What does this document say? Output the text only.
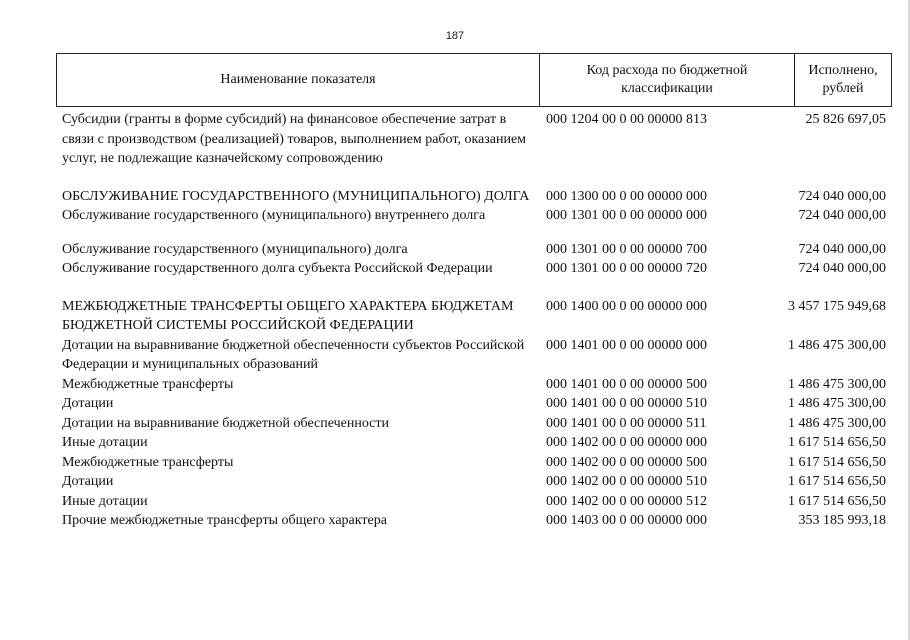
187
Наименование показателя
Код расхода по бюджетной классификации
Исполнено, рублей
Субсидии (гранты в форме субсидий) на финансовое обеспечение затрат в связи с производством (реализацией) товаров, выполнением работ, оказанием услуг, не подлежащие казначейскому сопровождению
000 1204 00 0 00 00000 813	25 826 697,05
ОБСЛУЖИВАНИЕ ГОСУДАРСТВЕННОГО (МУНИЦИПАЛЬНОГО) ДОЛГА	000 1300 00 0 00 00000 000	724 040 000,00
Обслуживание государственного (муниципального) внутреннего долга	000 1301 00 0 00 00000 000	724 040 000,00
Обслуживание государственного (муниципального) долга	000 1301 00 0 00 00000 700	724 040 000,00
Обслуживание государственного долга субъекта Российской Федерации	000 1301 00 0 00 00000 720	724 040 000,00
МЕЖБЮДЖЕТНЫЕ ТРАНСФЕРТЫ ОБЩЕГО ХАРАКТЕРА БЮДЖЕТАМ БЮДЖЕТНОЙ СИСТЕМЫ РОССИЙСКОЙ ФЕДЕРАЦИИ
000 1400 00 0 00 00000 000	3 457 175 949,68
Дотации на выравнивание бюджетной обеспеченности субъектов Российской Федерации и муниципальных образований
000 1401 00 0 00 00000 000	1 486 475 300,00
Межбюджетные трансферты	000 1401 00 0 00 00000 500	1 486 475 300,00
Дотации	000 1401 00 0 00 00000 510	1 486 475 300,00
Дотации на выравнивание бюджетной обеспеченности	000 1401 00 0 00 00000 511	1 486 475 300,00
Иные дотации	000 1402 00 0 00 00000 000	1 617 514 656,50
Межбюджетные трансферты	000 1402 00 0 00 00000 500	1 617 514 656,50
Дотации	000 1402 00 0 00 00000 510	1 617 514 656,50
Иные дотации	000 1402 00 0 00 00000 512	1 617 514 656,50
Прочие межбюджетные трансферты общего характера	000 1403 00 0 00 00000 000	353 185 993,18
